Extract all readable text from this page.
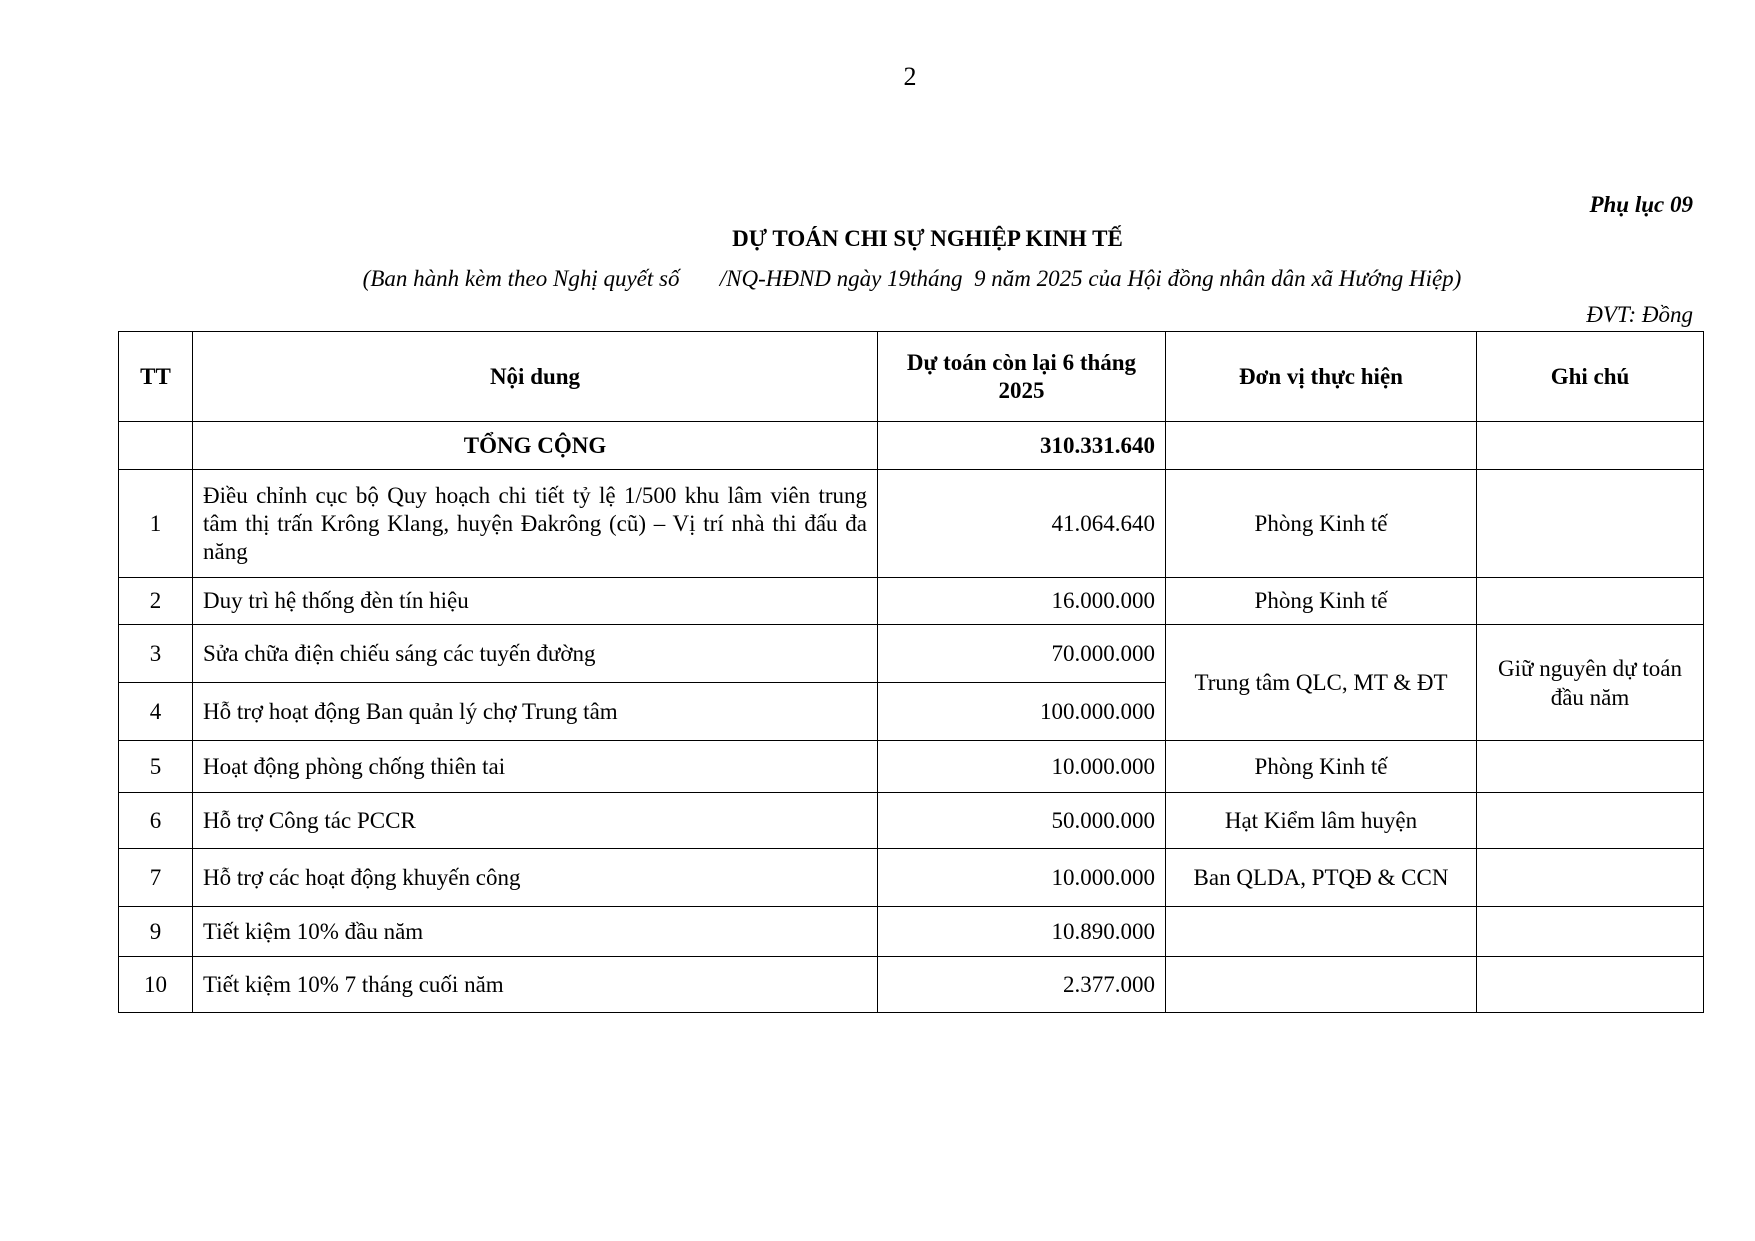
2
Phụ lục 09
DỰ TOÁN CHI SỰ NGHIỆP KINH TẾ
(Ban hành kèm theo Nghị quyết số       /NQ-HĐND ngày 19tháng  9 năm 2025 của Hội đồng nhân dân xã Hướng Hiệp)
ĐVT: Đồng
TT	Nội dung	Dự toán còn lại 6 tháng 2025	Đơn vị thực hiện	Ghi chú
	TỔNG CỘNG	310.331.640		
1	Điều chỉnh cục bộ Quy hoạch chi tiết tỷ lệ 1/500 khu lâm viên trung tâm thị trấn Krông Klang, huyện Đakrông (cũ) – Vị trí nhà thi đấu đa năng	41.064.640	Phòng Kinh tế	
2	Duy trì hệ thống đèn tín hiệu	16.000.000	Phòng Kinh tế	
3	Sửa chữa điện chiếu sáng các tuyến đường	70.000.000	Trung tâm QLC, MT & ĐT	Giữ nguyên dự toán đầu năm
4	Hỗ trợ hoạt động Ban quản lý chợ Trung tâm	100.000.000		
5	Hoạt động phòng chống thiên tai	10.000.000	Phòng Kinh tế	
6	Hỗ trợ Công tác PCCR	50.000.000	Hạt Kiểm lâm huyện	
7	Hỗ trợ các hoạt động khuyến công	10.000.000	Ban QLDA, PTQĐ & CCN	
9	Tiết kiệm 10% đầu năm	10.890.000		
10	Tiết kiệm 10% 7 tháng cuối năm	2.377.000		
